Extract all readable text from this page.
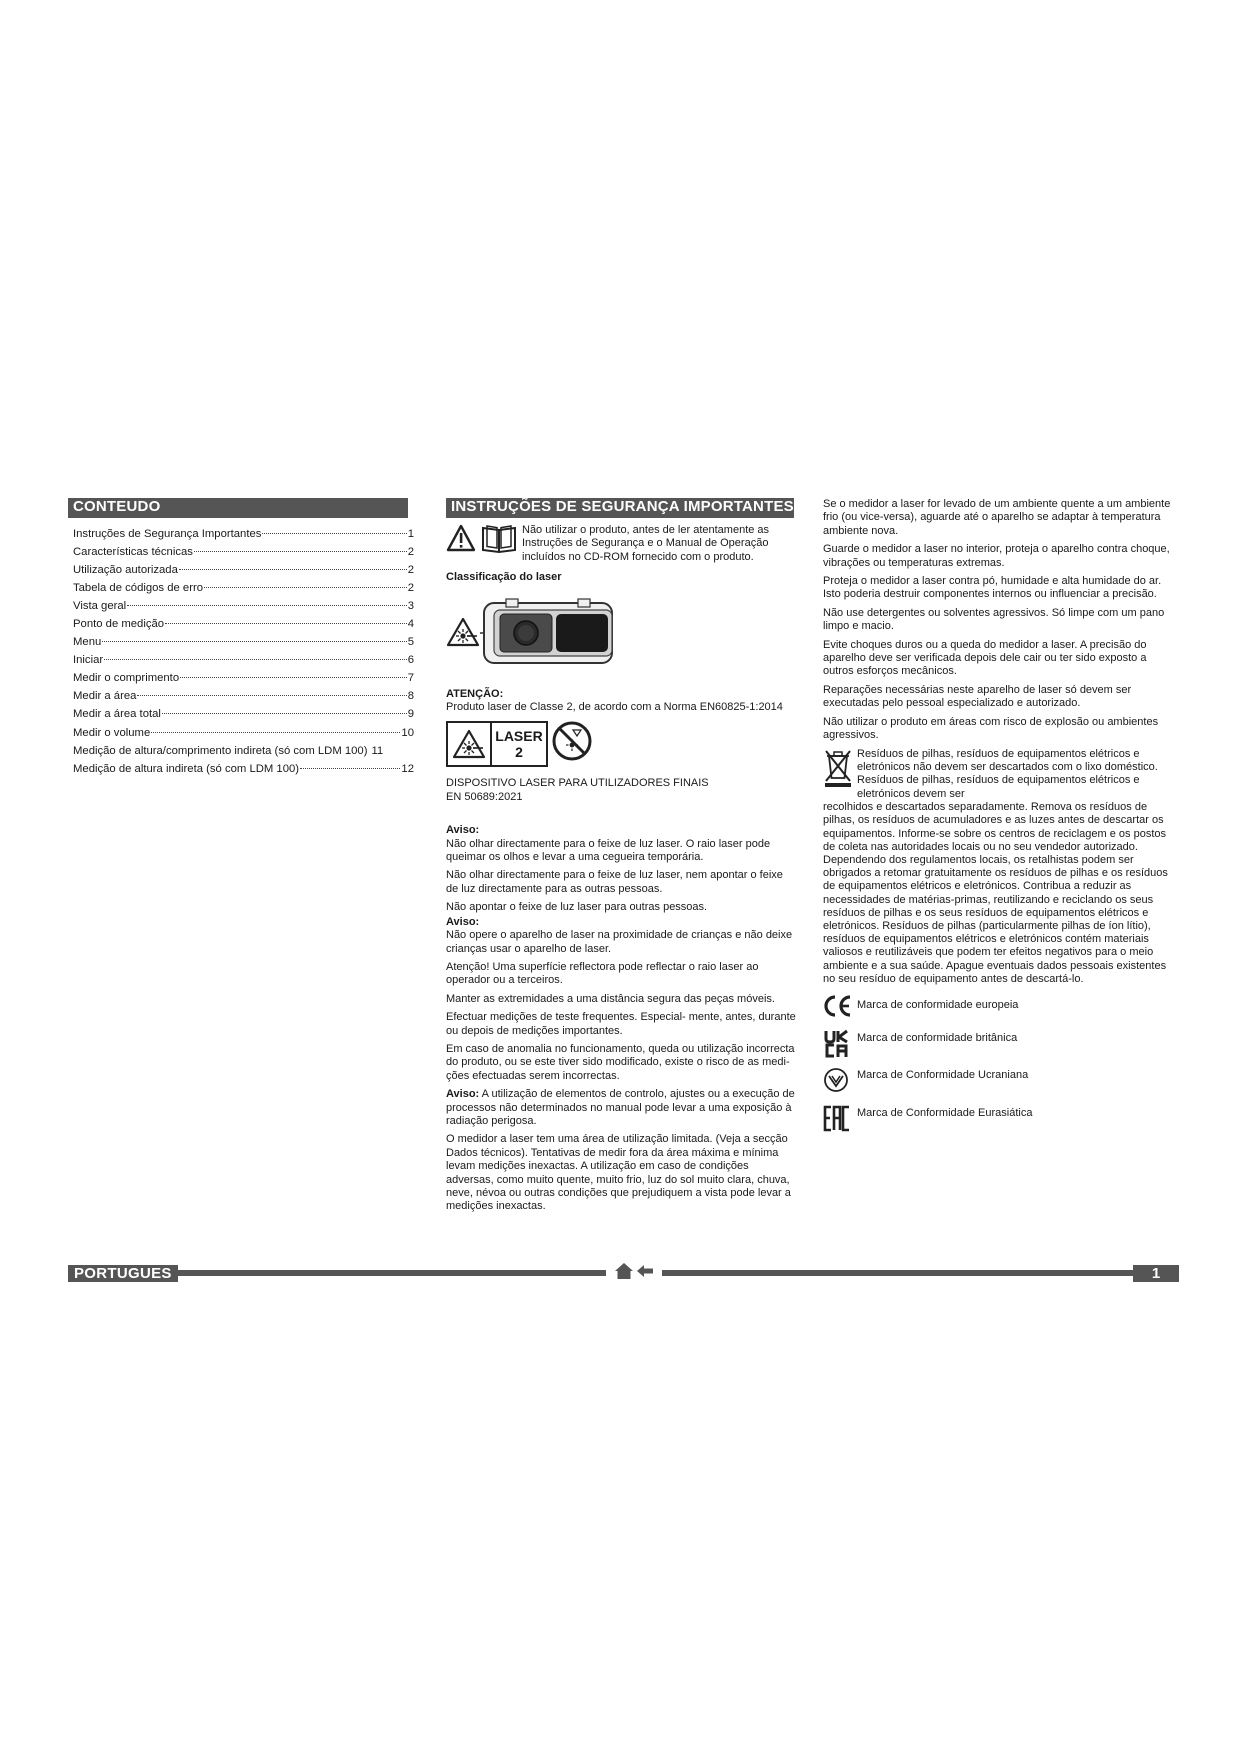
CONTEUDO
Instruções de Segurança Importantes	1
Características técnicas	2
Utilização autorizada	2
Tabela de códigos de erro	2
Vista geral	3
Ponto de medição	4
Menu	5
Iniciar	6
Medir o comprimento	7
Medir a área	8
Medir a área total	9
Medir o volume	10
Medição de altura/comprimento indireta (só com LDM 100) 11
Medição de altura indireta (só com LDM 100)	12
INSTRUÇÕES DE SEGURANÇA IMPORTANTES

Não utilizar o produto, antes de ler atentamente as Instruções de Segurança e o Manual de Operação incluídos no CD-ROM fornecido com o produto.

Classificação do laser

ATENÇÃO:

Produto laser de Classe 2, de acordo com a Norma EN60825-1:2014

LASER
2

DISPOSITIVO LASER PARA UTILIZADORES FINAIS

EN 50689:2021

Aviso:

Não olhar directamente para o feixe de luz laser. O raio laser pode queimar os olhos e levar a uma cegueira temporária.

Não olhar directamente para o feixe de luz laser, nem apontar o feixe de luz directamente para as outras pessoas.

Não apontar o feixe de luz laser para outras pessoas.

Aviso:

Não opere o aparelho de laser na proximidade de crianças e não deixe crianças usar o aparelho de laser.

Atenção! Uma superfície reflectora pode reflectar o raio laser ao operador ou a terceiros.

Manter as extremidades a uma distância segura das peças móveis.

Efectuar medições de teste frequentes. Especial- mente, antes, durante ou depois de medições importantes.

Em caso de anomalia no funcionamento, queda ou utilização incorrecta do produto, ou se este tiver sido modificado, existe o risco de as medi- ções efectuadas serem incorrectas.

Aviso: A utilização de elementos de controlo, ajustes ou a execução de processos não determinados no manual pode levar a uma exposição à radiação perigosa.

O medidor a laser tem uma área de utilização limitada. (Veja a secção Dados técnicos). Tentativas de medir fora da área máxima e mínima levam medições inexactas. A utilização em caso de condições adversas, como muito quente, muito frio, luz do sol muito clara, chuva, neve, névoa ou outras condições que prejudiquem a vista pode levar a medições inexactas.

Se o medidor a laser for levado de um ambiente quente a um ambiente frio (ou vice-versa), aguarde até o aparelho se adaptar à temperatura ambiente nova.

Guarde o medidor a laser no interior, proteja o aparelho contra choque, vibrações ou temperaturas extremas.

Proteja o medidor a laser contra pó, humidade e alta humidade do ar. Isto poderia destruir componentes internos ou influenciar a precisão.

Não use detergentes ou solventes agressivos. Só limpe com um pano limpo e macio.

Evite choques duros ou a queda do medidor a laser. A precisão do aparelho deve ser verificada depois dele cair ou ter sido exposto a outros esforços mecânicos.

Reparações necessárias neste aparelho de laser só devem ser executadas pelo pessoal especializado e autorizado.

Não utilizar o produto em áreas com risco de explosão ou ambientes agressivos.

Resíduos de pilhas, resíduos de equipamentos elétricos e eletrónicos não devem ser descartados com o lixo doméstico. Resíduos de pilhas, resíduos de equipamentos elétricos e eletrónicos devem ser

recolhidos e descartados separadamente. Remova os resíduos de pilhas, os resíduos de acumuladores e as luzes antes de descartar os equipamentos. Informe-se sobre os centros de reciclagem e os postos de coleta nas autoridades locais ou no seu vendedor autorizado. Dependendo dos regulamentos locais, os retalhistas podem ser obrigados a retomar gratuitamente os resíduos de pilhas e os resíduos de equipamentos elétricos e eletrónicos. Contribua a reduzir as necessidades de matérias-primas, reutilizando e reciclando os seus resíduos de pilhas e os seus resíduos de equipamentos elétricos e eletrónicos. Resíduos de pilhas (particularmente pilhas de íon lítio), resíduos de equipamentos elétricos e eletrónicos contém materiais valiosos e reutilizáveis que podem ter efeitos negativos para o meio ambiente e a sua saúde. Apague eventuais dados pessoais existentes no seu resíduo de equipamento antes de descartá-lo.

Marca de conformidade europeia

Marca de conformidade britânica

Marca de Conformidade Ucraniana

Marca de Conformidade Eurasiática

PORTUGUES	1
